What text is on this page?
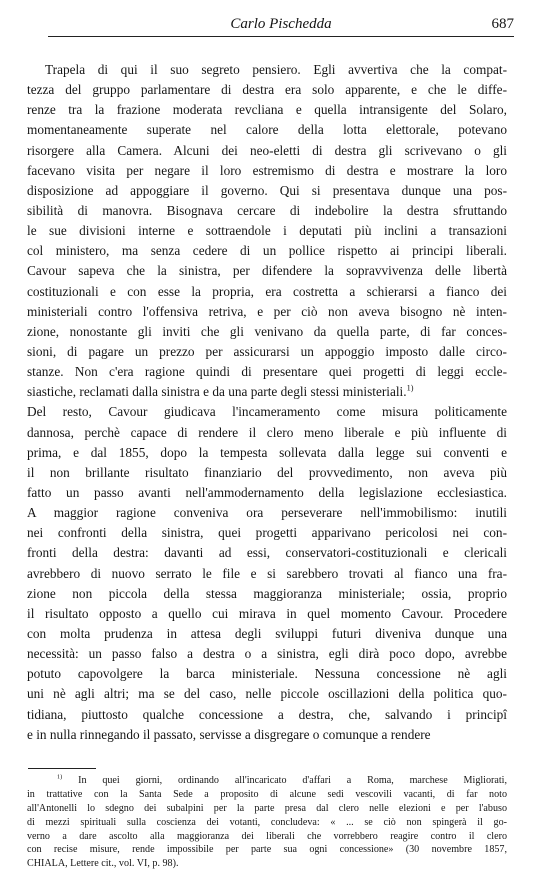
Carlo Pischedda	687
Trapela di qui il suo segreto pensiero. Egli avvertiva che la compat-
tezza del gruppo parlamentare di destra era solo apparente, e che le diffe-
renze tra la frazione moderata revcliana e quella intransigente del Solaro,
momentaneamente superate nel calore della lotta elettorale, potevano
risorgere alla Camera. Alcuni dei neo-eletti di destra gli scrivevano o gli
facevano visita per negare il loro estremismo di destra e mostrare la loro
disposizione ad appoggiare il governo. Qui si presentava dunque una pos-
sibilità di manovra. Bisognava cercare di indebolire la destra sfruttando
le sue divisioni interne e sottraendole i deputati più inclini a transazioni
col ministero, ma senza cedere di un pollice rispetto ai principi liberali.
Cavour sapeva che la sinistra, per difendere la sopravvivenza delle libertà
costituzionali e con esse la propria, era costretta a schierarsi a fianco dei
ministeriali contro l'offensiva retriva, e per ciò non aveva bisogno nè inten-
zione, nonostante gli inviti che gli venivano da quella parte, di far conces-
sioni, di pagare un prezzo per assicurarsi un appoggio imposto dalle circo-
stanze. Non c'era ragione quindi di presentare quei progetti di leggi eccle-
siastiche, reclamati dalla sinistra e da una parte degli stessi ministeriali.$^{1)}$
Del resto, Cavour giudicava l'incameramento come misura politicamente
dannosa, perchè capace di rendere il clero meno liberale e più influente di
prima, e dal 1855, dopo la tempesta sollevata dalla legge sui conventi e
il non brillante risultato finanziario del provvedimento, non aveva più
fatto un passo avanti nell'ammodernamento della legislazione ecclesiastica.
A maggior ragione conveniva ora perseverare nell'immobilismo: inutili
nei confronti della sinistra, quei progetti apparivano pericolosi nei con-
fronti della destra: davanti ad essi, conservatori-costituzionali e clericali
avrebbero di nuovo serrato le file e si sarebbero trovati al fianco una fra-
zione non piccola della stessa maggioranza ministeriale; ossia, proprio
il risultato opposto a quello cui mirava in quel momento Cavour. Procedere
con molta prudenza in attesa degli sviluppi futuri diveniva dunque una
necessità: un passo falso a destra o a sinistra, egli dirà poco dopo, avrebbe
potuto capovolgere la barca ministeriale. Nessuna concessione nè agli
uni nè agli altri; ma se del caso, nelle piccole oscillazioni della politica quo-
tidiana, piuttosto qualche concessione a destra, che, salvando i principî
e in nulla rinnegando il passato, servisse a disgregare o comunque a rendere
$^{1)}$ In quei giorni, ordinando all'incaricato d'affari a Roma, marchese Migliorati,
in trattative con la Santa Sede a proposito di alcune sedi vescovili vacanti, di far noto
all'Antonelli lo sdegno dei subalpini per la parte presa dal clero nelle elezioni e per l'abuso
di mezzi spirituali sulla coscienza dei votanti, concludeva: « ... se ciò non spingerà il go-
verno a dare ascolto alla maggioranza dei liberali che vorrebbero reagire contro il clero
con recise misure, rende impossibile per parte sua ogni concessione» (30 novembre 1857,
CHIALA, Lettere cit., vol. VI, p. 98).
